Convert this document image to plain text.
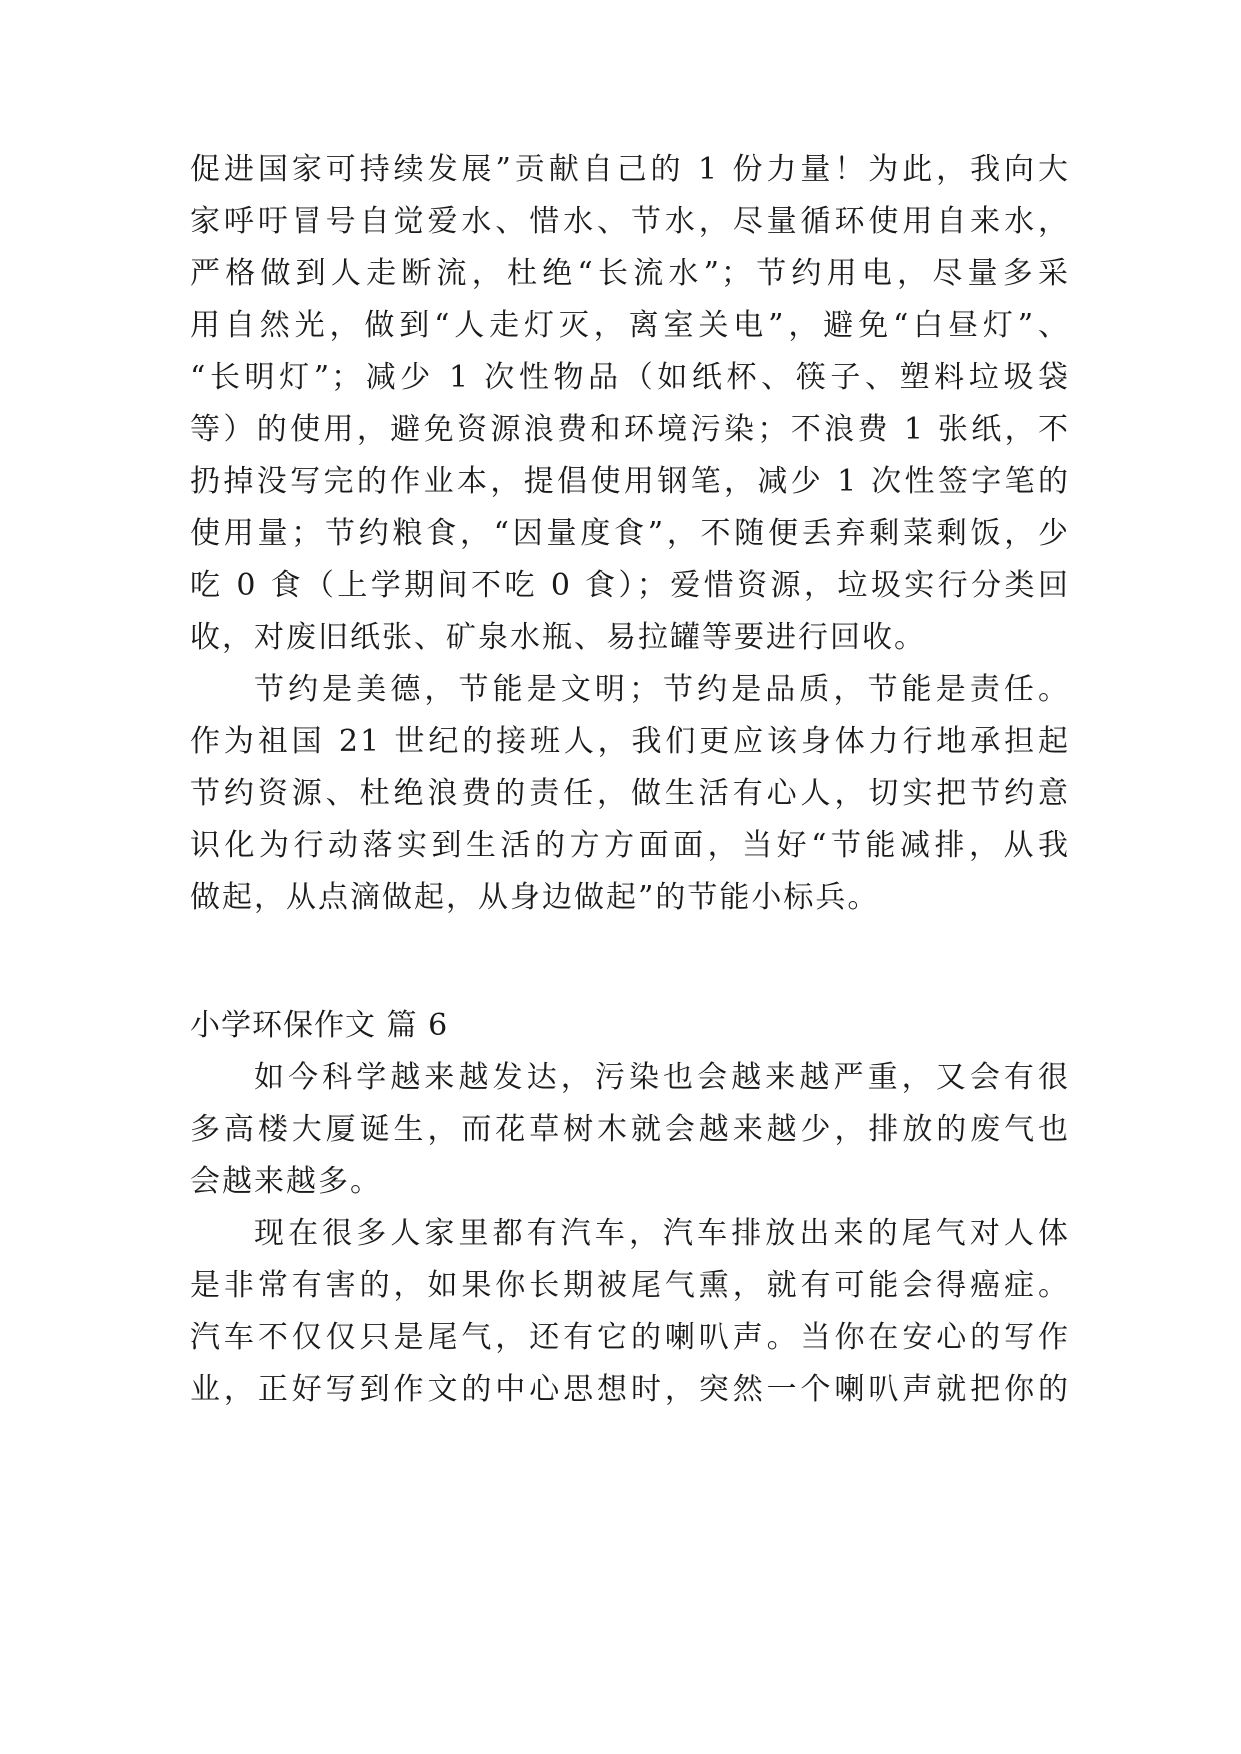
促进国家可持续发展”贡献自己的 1 份力量！为此，我向大
家呼吁冒号自觉爱水、惜水、节水，尽量循环使用自来水，
严格做到人走断流，杜绝“长流水”；节约用电，尽量多采
用自然光，做到“人走灯灭，离室关电”，避免“白昼灯”、
“长明灯”；减少 1 次性物品（如纸杯、筷子、塑料垃圾袋
等）的使用，避免资源浪费和环境污染；不浪费 1 张纸，不
扔掉没写完的作业本，提倡使用钢笔，减少 1 次性签字笔的
使用量；节约粮食，“因量度食”，不随便丢弃剩菜剩饭，少
吃 0 食（上学期间不吃 0 食）；爱惜资源，垃圾实行分类回
收，对废旧纸张、矿泉水瓶、易拉罐等要进行回收。
节约是美德，节能是文明；节约是品质，节能是责任。
作为祖国 21 世纪的接班人，我们更应该身体力行地承担起
节约资源、杜绝浪费的责任，做生活有心人，切实把节约意
识化为行动落实到生活的方方面面，当好“节能减排，从我
做起，从点滴做起，从身边做起”的节能小标兵。
小学环保作文 篇 6
如今科学越来越发达，污染也会越来越严重，又会有很
多高楼大厦诞生，而花草树木就会越来越少，排放的废气也
会越来越多。
现在很多人家里都有汽车，汽车排放出来的尾气对人体
是非常有害的，如果你长期被尾气熏，就有可能会得癌症。
汽车不仅仅只是尾气，还有它的喇叭声。当你在安心的写作
业，正好写到作文的中心思想时，突然一个喇叭声就把你的
